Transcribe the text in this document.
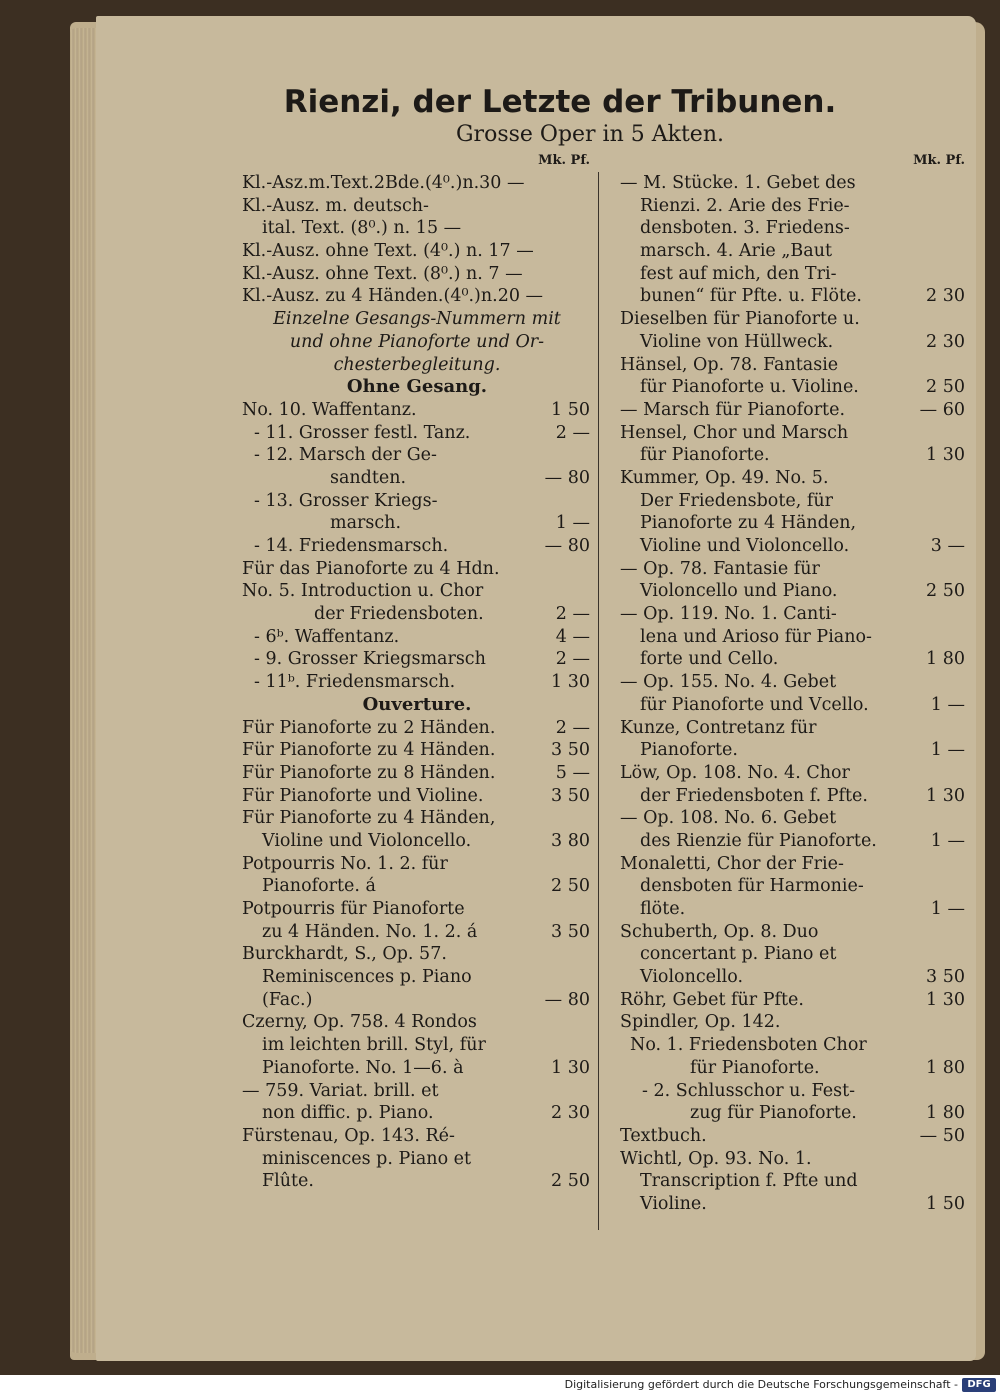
Rienzi, der Letzte der Tribunen.
Grosse Oper in 5 Akten.
Mk. Pf.
Kl.-Asz.m.Text.2Bde.(4⁰.)n.30 —
Kl.-Ausz. m. deutsch-
ital. Text. (8⁰.) n. 15 —
Kl.-Ausz. ohne Text. (4⁰.) n. 17 —
Kl.-Ausz. ohne Text. (8⁰.) n. 7 —
Kl.-Ausz. zu 4 Händen.(4⁰.)n.20 —
Einzelne Gesangs-Nummern mit
und ohne Pianoforte und Or-
chesterbegleitung.
Ohne Gesang.
No. 10. Waffentanz.	1 50
- 11. Grosser festl. Tanz.	2 —
- 12. Marsch der Ge-
sandten.	— 80
- 13. Grosser Kriegs-
marsch.	1 —
- 14. Friedensmarsch.	— 80
Für das Pianoforte zu 4 Hdn.
No. 5. Introduction u. Chor
der Friedensboten.	2 —
- 6ᵇ. Waffentanz.	4 —
- 9. Grosser Kriegsmarsch	2 —
- 11ᵇ. Friedensmarsch.	1 30
Ouverture.
Für Pianoforte zu 2 Händen.	2 —
Für Pianoforte zu 4 Händen.	3 50
Für Pianoforte zu 8 Händen.	5 —
Für Pianoforte und Violine.	3 50
Für Pianoforte zu 4 Händen,
Violine und Violoncello.	3 80
Potpourris No. 1. 2. für
Pianoforte. á	2 50
Potpourris für Pianoforte
zu 4 Händen. No. 1. 2. á	3 50
Burckhardt, S., Op. 57.
Reminiscences p. Piano
(Fac.)	— 80
Czerny, Op. 758. 4 Rondos
im leichten brill. Styl, für
Pianoforte. No. 1—6. à	1 30
— 759. Variat. brill. et
non diffic. p. Piano.	2 30
Fürstenau, Op. 143. Ré-
miniscences p. Piano et
Flûte.	2 50
Mk. Pf.
— M. Stücke. 1. Gebet des
Rienzi. 2. Arie des Frie-
densboten. 3. Friedens-
marsch. 4. Arie „Baut
fest auf mich, den Tri-
bunen“ für Pfte. u. Flöte.	2 30
Dieselben für Pianoforte u.
Violine von Hüllweck.	2 30
Hänsel, Op. 78. Fantasie
für Pianoforte u. Violine.	2 50
— Marsch für Pianoforte.	— 60
Hensel, Chor und Marsch
für Pianoforte.	1 30
Kummer, Op. 49. No. 5.
Der Friedensbote, für
Pianoforte zu 4 Händen,
Violine und Violoncello.	3 —
— Op. 78. Fantasie für
Violoncello und Piano.	2 50
— Op. 119. No. 1. Canti-
lena und Arioso für Piano-
forte und Cello.	1 80
— Op. 155. No. 4. Gebet
für Pianoforte und Vcello.	1 —
Kunze, Contretanz für
Pianoforte.	1 —
Löw, Op. 108. No. 4. Chor
der Friedensboten f. Pfte.	1 30
— Op. 108. No. 6. Gebet
des Rienzie für Pianoforte.	1 —
Monaletti, Chor der Frie-
densboten für Harmonie-
flöte.	1 —
Schuberth, Op. 8. Duo
concertant p. Piano et
Violoncello.	3 50
Röhr, Gebet für Pfte.	1 30
Spindler, Op. 142.
No. 1. Friedensboten Chor
für Pianoforte.	1 80
- 2. Schlusschor u. Fest-
zug für Pianoforte.	1 80
Textbuch.	— 50
Wichtl, Op. 93. No. 1.
Transcription f. Pfte und
Violine.	1 50
Digitalisierung gefördert durch die Deutsche Forschungsgemeinschaft - DFG
